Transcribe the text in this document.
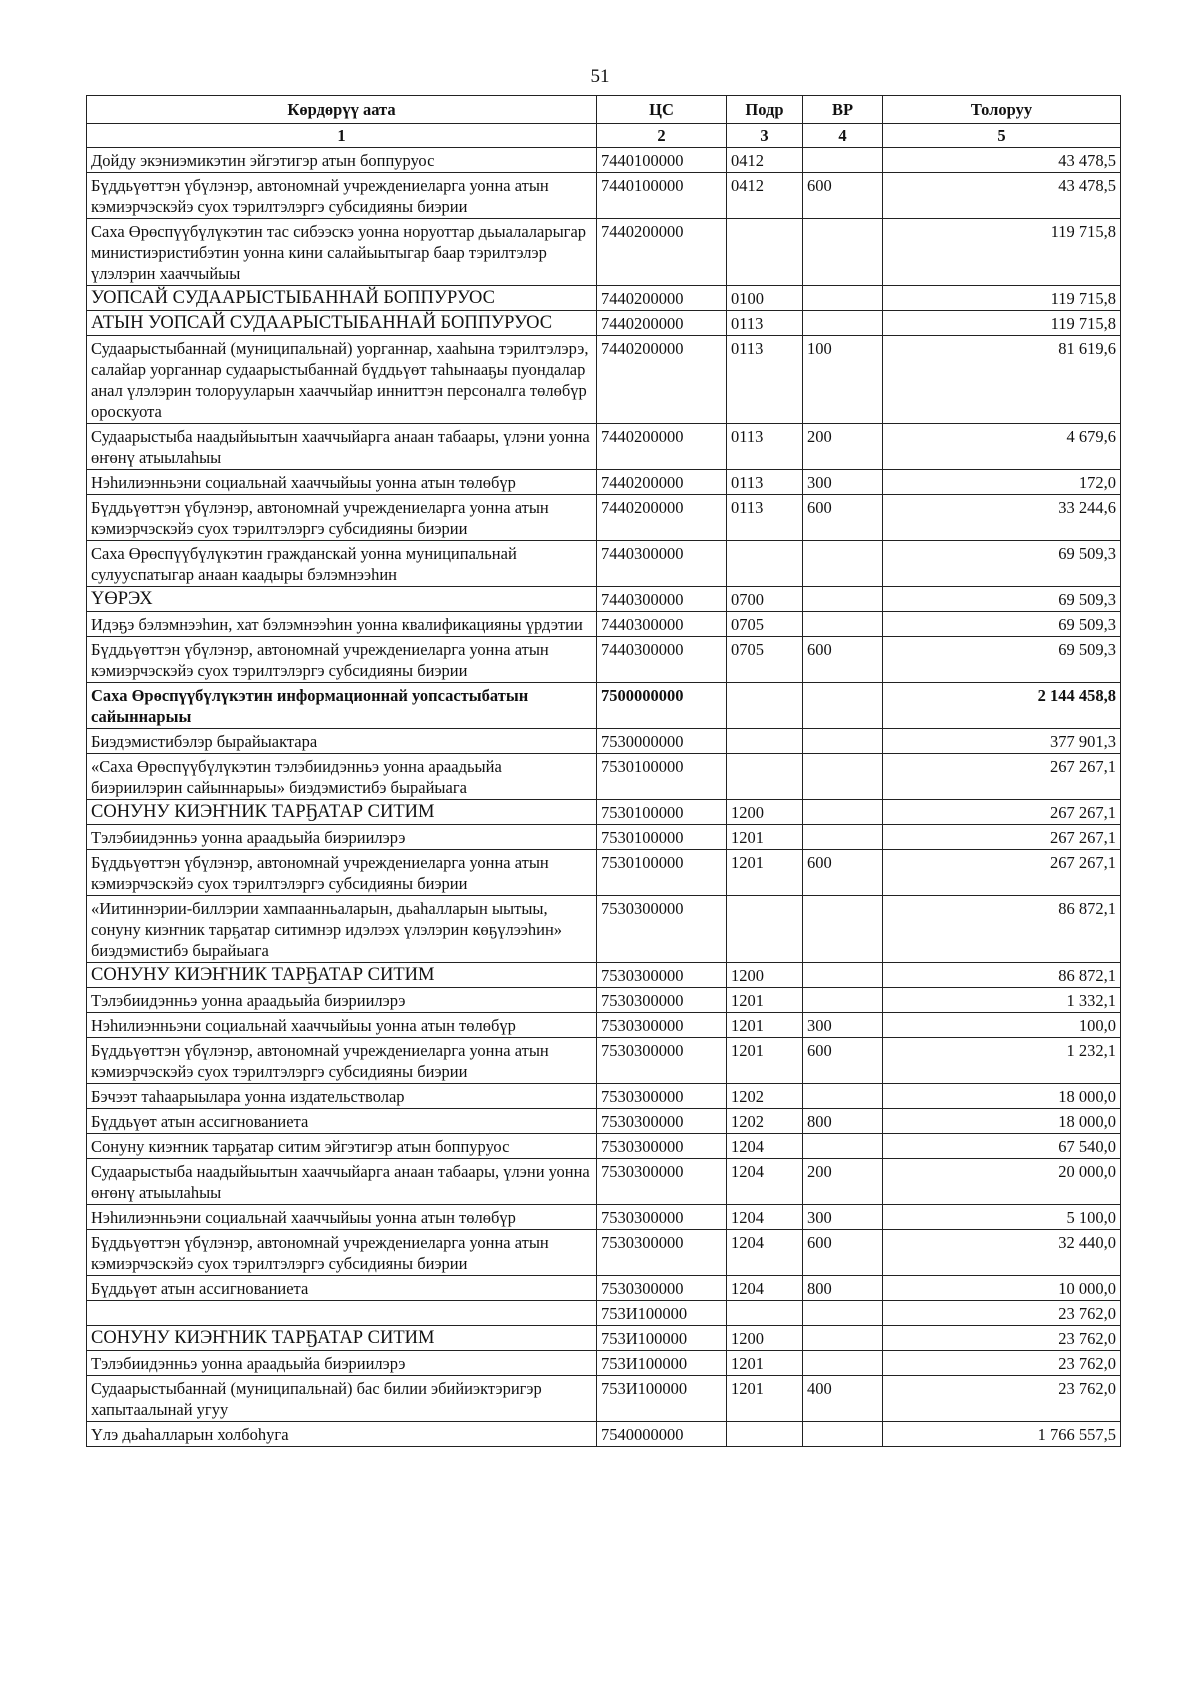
51
Көрдөрүү аата	ЦС	Подр	ВР	Толоруу
1	2	3	4	5
Дойду экэниэмикэтин эйгэтигэр атын боппуруос	7440100000	0412		43 478,5
Бүддьүөттэн үбүлэнэр, автономнай учреждениеларга уонна атын кэмиэрчэскэйэ суох тэрилтэлэргэ субсидияны биэрии	7440100000	0412	600	43 478,5
Саха Өрөспүүбүлүкэтин тас сибээскэ уонна норуоттар дьыалаларыгар министиэристибэтин уонна кини салайыытыгар баар тэрилтэлэр үлэлэрин хааччыйыы	7440200000			119 715,8
УОПСАЙ СУДААРЫСТЫБАННАЙ БОППУРУОС	7440200000	0100		119 715,8
АТЫН УОПСАЙ СУДААРЫСТЫБАННАЙ БОППУРУОС	7440200000	0113		119 715,8
Судаарыстыбаннай (муниципальнай) уорганнар, хааһына тэрилтэлэрэ, салайар уорганнар судаарыстыбаннай бүддьүөт таһынааҕы пуондалар анал үлэлэрин толорууларын хааччыйар инниттэн персоналга төлөбүр ороскуота	7440200000	0113	100	81 619,6
Судаарыстыба наадыйыытын хааччыйарга анаан табаары, үлэни уонна өҥөнү атыылаһыы	7440200000	0113	200	4 679,6
Нэһилиэнньэни социальнай хааччыйыы уонна атын төлөбүр	7440200000	0113	300	172,0
Бүддьүөттэн үбүлэнэр, автономнай учреждениеларга уонна атын кэмиэрчэскэйэ суох тэрилтэлэргэ субсидияны биэрии	7440200000	0113	600	33 244,6
Саха Өрөспүүбүлүкэтин гражданскай уонна муниципальнай сулууспатыгар анаан каадыры бэлэмнээһин	7440300000			69 509,3
ҮӨРЭХ	7440300000	0700		69 509,3
Идэҕэ бэлэмнээһин, хат бэлэмнээһин уонна квалификацияны үрдэтии	7440300000	0705		69 509,3
Бүддьүөттэн үбүлэнэр, автономнай учреждениеларга уонна атын кэмиэрчэскэйэ суох тэрилтэлэргэ субсидияны биэрии	7440300000	0705	600	69 509,3
Саха Өрөспүүбүлүкэтин информационнай уопсастыбатын сайыннарыы	7500000000			2 144 458,8
Биэдэмистибэлэр бырайыактара	7530000000			377 901,3
«Саха Өрөспүүбүлүкэтин тэлэбиидэнньэ уонна араадьыйа биэриилэрин сайыннарыы» биэдэмистибэ бырайыага	7530100000			267 267,1
СОНУНУ КИЭҤНИК ТАРҔАТАР СИТИМ	7530100000	1200		267 267,1
Тэлэбиидэнньэ уонна араадьыйа биэриилэрэ	7530100000	1201		267 267,1
Бүддьүөттэн үбүлэнэр, автономнай учреждениеларга уонна атын кэмиэрчэскэйэ суох тэрилтэлэргэ субсидияны биэрии	7530100000	1201	600	267 267,1
«Иитиннэрии-биллэрии хампаанньаларын, дьаһалларын ыытыы, сонуну киэҥник тарҕатар ситимнэр идэлээх үлэлэрин көҕүлээһин» биэдэмистибэ бырайыага	7530300000			86 872,1
СОНУНУ КИЭҤНИК ТАРҔАТАР СИТИМ	7530300000	1200		86 872,1
Тэлэбиидэнньэ уонна араадьыйа биэриилэрэ	7530300000	1201		1 332,1
Нэһилиэнньэни социальнай хааччыйыы уонна атын төлөбүр	7530300000	1201	300	100,0
Бүддьүөттэн үбүлэнэр, автономнай учреждениеларга уонна атын кэмиэрчэскэйэ суох тэрилтэлэргэ субсидияны биэрии	7530300000	1201	600	1 232,1
Бэчээт таһаарыылара уонна издательстволар	7530300000	1202		18 000,0
Бүддьүөт атын ассигнованиета	7530300000	1202	800	18 000,0
Сонуну киэҥник тарҕатар ситим эйгэтигэр атын боппуруос	7530300000	1204		67 540,0
Судаарыстыба наадыйыытын хааччыйарга анаан табаары, үлэни уонна өҥөнү атыылаһыы	7530300000	1204	200	20 000,0
Нэһилиэнньэни социальнай хааччыйыы уонна атын төлөбүр	7530300000	1204	300	5 100,0
Бүддьүөттэн үбүлэнэр, автономнай учреждениеларга уонна атын кэмиэрчэскэйэ суох тэрилтэлэргэ субсидияны биэрии	7530300000	1204	600	32 440,0
Бүддьүөт атын ассигнованиета	7530300000	1204	800	10 000,0
	753И100000			23 762,0
СОНУНУ КИЭҤНИК ТАРҔАТАР СИТИМ	753И100000	1200		23 762,0
Тэлэбиидэнньэ уонна араадьыйа биэриилэрэ	753И100000	1201		23 762,0
Судаарыстыбаннай (муниципальнай) бас билии эбийиэктэригэр хапытаалынай угуу	753И100000	1201	400	23 762,0
Үлэ дьаһалларын холбоһуга	7540000000			1 766 557,5
